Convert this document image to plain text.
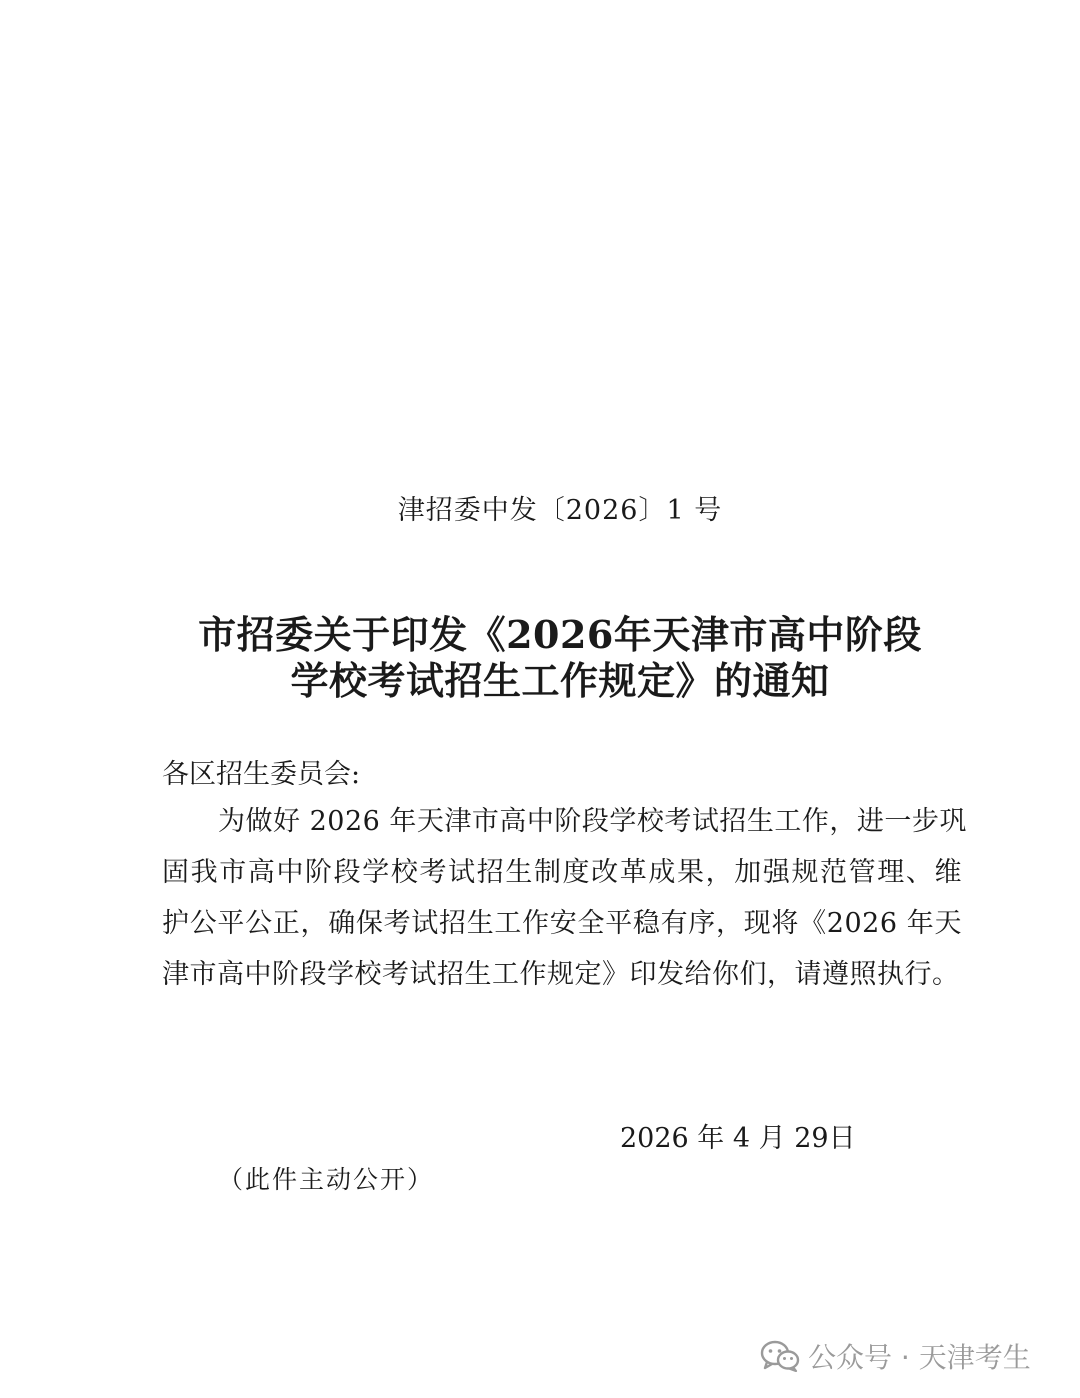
津招委中发〔2026〕1 号
市招委关于印发《2026年天津市高中阶段
学校考试招生工作规定》的通知
各区招生委员会:
为做好 2026 年天津市高中阶段学校考试招生工作，进一步巩
固我市高中阶段学校考试招生制度改革成果，加强规范管理、维
护公平公正，确保考试招生工作安全平稳有序，现将《2026 年天
津市高中阶段学校考试招生工作规定》印发给你们，请遵照执行。
2026 年 4 月 29日
（此件主动公开）
公众号 · 天津考生
